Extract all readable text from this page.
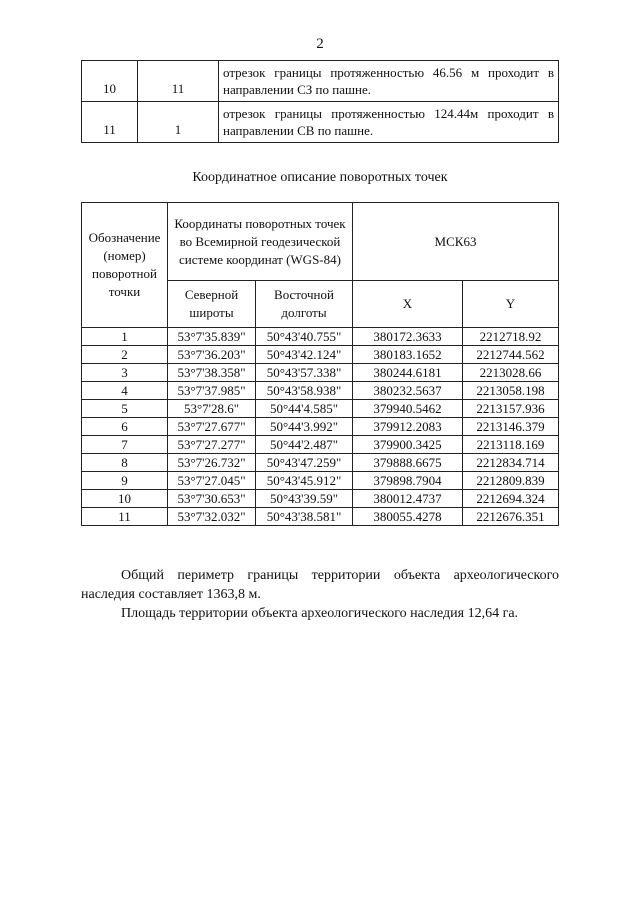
2
10	11	отрезок границы протяженностью 46.56 м проходит в направлении СЗ по пашне.
11	1	отрезок границы протяженностью 124.44м проходит в направлении СВ по пашне.
Координатное описание поворотных точек
Обозначение (номер) поворотной точки	Координаты поворотных точек во Всемирной геодезической системе координат (WGS-84)		МСК63	
	Северной широты	Восточной долготы	X	Y
1	53°7'35.839"	50°43'40.755"	380172.3633	2212718.92
2	53°7'36.203"	50°43'42.124"	380183.1652	2212744.562
3	53°7'38.358"	50°43'57.338"	380244.6181	2213028.66
4	53°7'37.985"	50°43'58.938"	380232.5637	2213058.198
5	53°7'28.6"	50°44'4.585"	379940.5462	2213157.936
6	53°7'27.677"	50°44'3.992"	379912.2083	2213146.379
7	53°7'27.277"	50°44'2.487"	379900.3425	2213118.169
8	53°7'26.732"	50°43'47.259"	379888.6675	2212834.714
9	53°7'27.045"	50°43'45.912"	379898.7904	2212809.839
10	53°7'30.653"	50°43'39.59"	380012.4737	2212694.324
11	53°7'32.032"	50°43'38.581"	380055.4278	2212676.351
Общий периметр границы территории объекта археологического наследия составляет 1363,8 м.
Площадь территории объекта археологического наследия 12,64 га.
